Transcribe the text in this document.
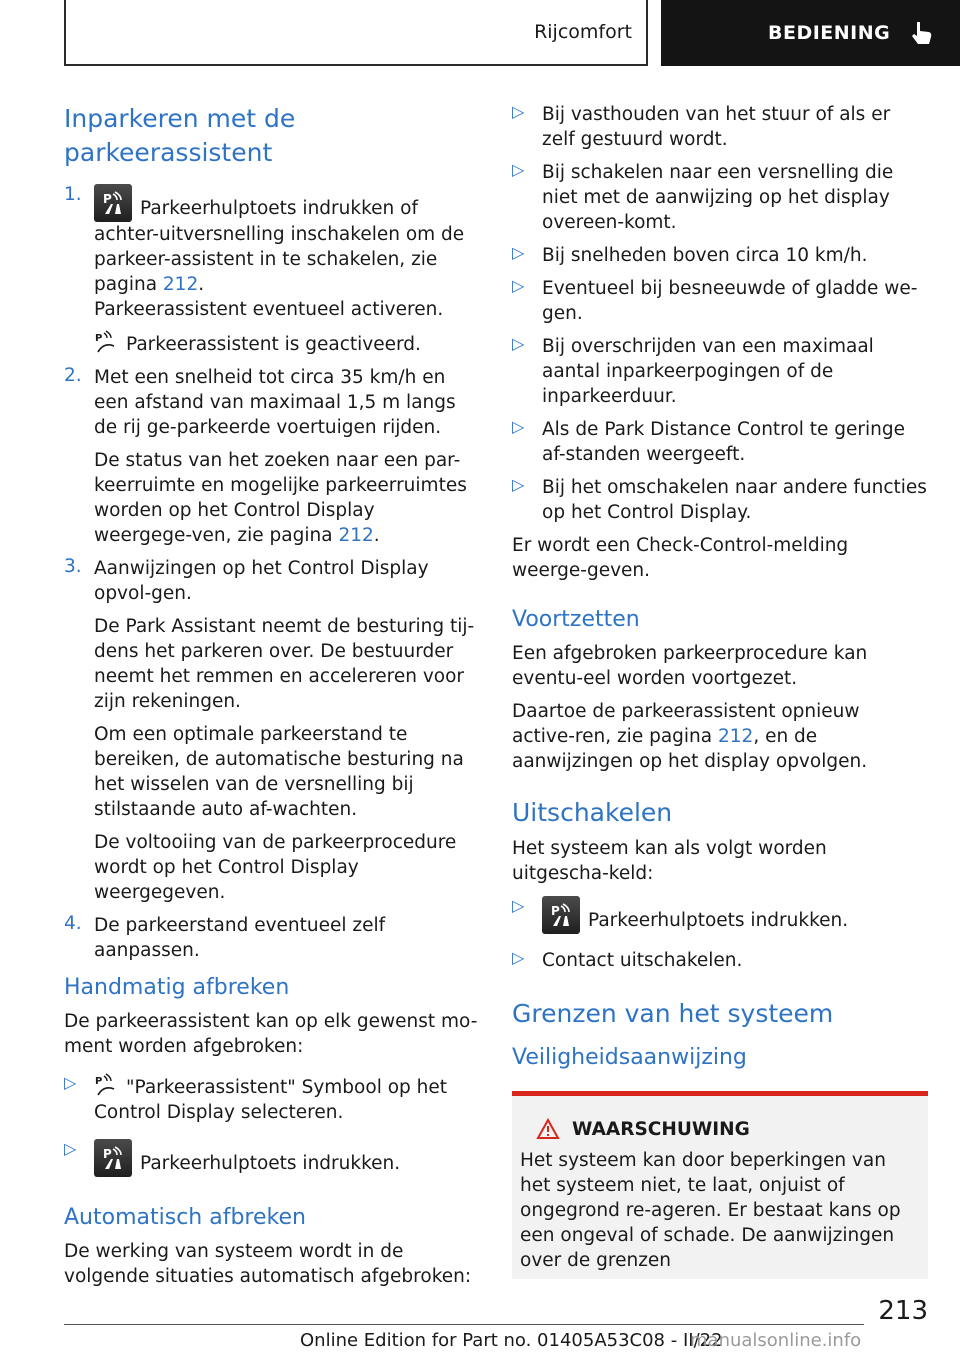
Rijcomfort	BEDIENING
Inparkeren met de parkeerassistent
1. P Parkeerhulptoets indrukken of achter-uitversnelling inschakelen om de parkeer-assistent in te schakelen, zie pagina 212.
Parkeerassistent eventueel activeren.

P Parkeerassistent is geactiveerd.

2. Met een snelheid tot circa 35 km/h en een afstand van maximaal 1,5 m langs de rij ge-parkeerde voertuigen rijden.

De status van het zoeken naar een par-keerruimte en mogelijke parkeerruimtes worden op het Control Display weergege-ven, zie pagina 212.

3. Aanwijzingen op het Control Display opvol-gen.

De Park Assistant neemt de besturing tij-dens het parkeren over. De bestuurder neemt het remmen en accelereren voor zijn rekeningen.

Om een optimale parkeerstand te bereiken, de automatische besturing na het wisselen van de versnelling bij stilstaande auto af-wachten.

De voltooiing van de parkeerprocedure wordt op het Control Display weergegeven.

4. De parkeerstand eventueel zelf aanpassen.

Handmatig afbreken

De parkeerassistent kan op elk gewenst mo-ment worden afgebroken:

▷ P "Parkeerassistent" Symbool op het Control Display selecteren.

▷ P Parkeerhulptoets indrukken.

Automatisch afbreken

De werking van systeem wordt in de volgende situaties automatisch afgebroken:

▷ Bij vasthouden van het stuur of als er zelf gestuurd wordt.

▷ Bij schakelen naar een versnelling die niet met de aanwijzing op het display overeen-komt.

▷ Bij snelheden boven circa 10 km/h.

▷ Eventueel bij besneeuwde of gladde we-gen.

▷ Bij overschrijden van een maximaal aantal inparkeerpogingen of de inparkeerduur.

▷ Als de Park Distance Control te geringe af-standen weergeeft.

▷ Bij het omschakelen naar andere functies op het Control Display.

Er wordt een Check-Control-melding weerge-geven.

Voortzetten

Een afgebroken parkeerprocedure kan eventu-eel worden voortgezet.

Daartoe de parkeerassistent opnieuw active-ren, zie pagina 212, en de aanwijzingen op het display opvolgen.

Uitschakelen

Het systeem kan als volgt worden uitgescha-keld:

▷ P Parkeerhulptoets indrukken.

▷ Contact uitschakelen.

Grenzen van het systeem
Veiligheidsaanwijzing
WAARSCHUWING

Het systeem kan door beperkingen van het systeem niet, te laat, onjuist of ongegrond re-ageren. Er bestaat kans op een ongeval of schade. De aanwijzingen over de grenzen

213
Online Edition for Part no. 01405A53C08 - II/22
manualsonline.info
